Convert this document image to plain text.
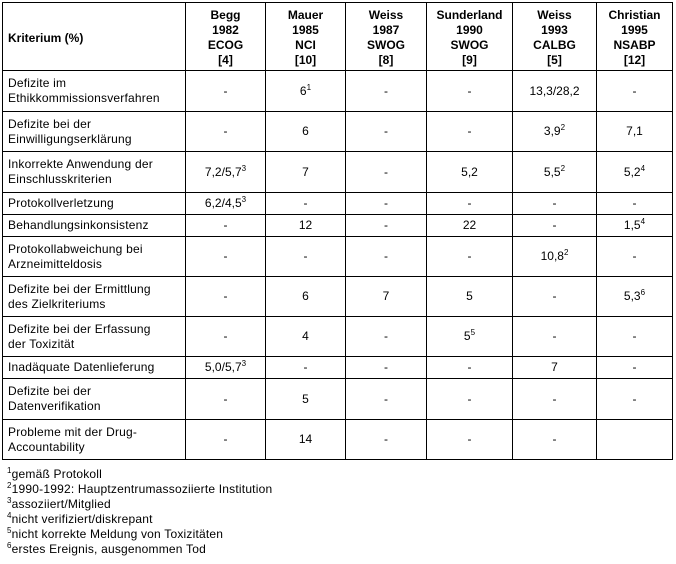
Kriterium (%)	Begg
1982
ECOG
[4]	Mauer
1985
NCI
[10]	Weiss
1987
SWOG
[8]	Sunderland
1990
SWOG
[9]	Weiss
1993
CALBG
[5]	Christian
1995
NSABP
[12]

Defizite im
Ethikkommissionsverfahren	-	$6^1$	-	-	13,3/28,2	-

Defizite bei der
Einwilligungserklärung	-	6	-	-	$3,9^2$	7,1

Inkorrekte Anwendung der
Einschlusskriterien	$7,2/5,7^3$	7	-	5,2	$5,5^2$	$5,2^4$

Protokollverletzung	$6,2/4,5^3$	-	-	-	-	-

Behandlungsinkonsistenz	-	12	-	22	-	$1,5^4$

Protokollabweichung bei
Arzneimitteldosis	-	-	-	-	10,8$^2$	-

Defizite bei der Ermittlung
des Zielkriteriums	-	6	7	5	-	$5,3^6$

Defizite bei der Erfassung
der Toxizität	-	4	-	$5^5$	-	-

Inadäquate Datenlieferung	$5,0/5,7^3$	-	-	-	7	-

Defizite bei der
Datenverifikation	-	5	-	-	-	-

Probleme mit der Drug-
Accountability	-	14	-	-	-	
$^1$gemäß Protokoll
$^2$1990-1992: Hauptzentrumassoziierte Institution
$^3$assoziiert/Mitglied
$^4$nicht verifiziert/diskrepant
$^5$nicht korrekte Meldung von Toxizitäten
$^6$erstes Ereignis, ausgenommen Tod
